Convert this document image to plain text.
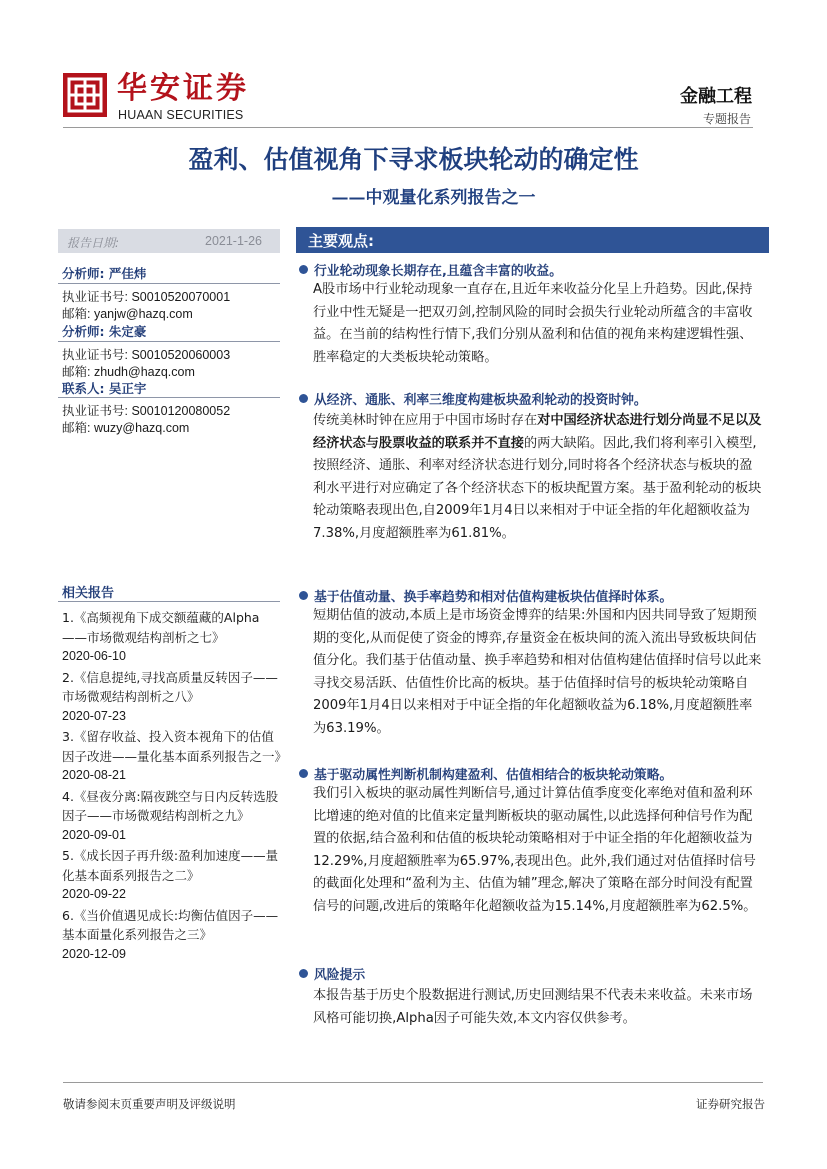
华安证券
HUAAN SECURITIES
金融工程
专题报告
盈利、估值视角下寻求板块轮动的确定性
——中观量化系列报告之一
报告日期:	2021-1-26
分析师: 严佳炜
执业证书号: S0010520070001
邮箱: yanjw@hazq.com
分析师: 朱定豪
执业证书号: S0010520060003
邮箱: zhudh@hazq.com
联系人: 吴正宇
执业证书号: S0010120080052
邮箱: wuzy@hazq.com
相关报告
1.《高频视角下成交额蕴藏的Alpha——市场微观结构剖析之七》
2020-06-10
2.《信息提纯,寻找高质量反转因子——市场微观结构剖析之八》
2020-07-23
3.《留存收益、投入资本视角下的估值因子改进——量化基本面系列报告之一》
2020-08-21
4.《昼夜分离:隔夜跳空与日内反转选股因子——市场微观结构剖析之九》
2020-09-01
5.《成长因子再升级:盈利加速度——量化基本面系列报告之二》
2020-09-22
6.《当价值遇见成长:均衡估值因子——基本面量化系列报告之三》
2020-12-09
主要观点:
行业轮动现象长期存在,且蕴含丰富的收益。
A股市场中行业轮动现象一直存在,且近年来收益分化呈上升趋势。因此,保持行业中性无疑是一把双刃剑,控制风险的同时会损失行业轮动所蕴含的丰富收益。在当前的结构性行情下,我们分别从盈利和估值的视角来构建逻辑性强、胜率稳定的大类板块轮动策略。
从经济、通胀、利率三维度构建板块盈利轮动的投资时钟。
传统美林时钟在应用于中国市场时存在对中国经济状态进行划分尚显不足以及经济状态与股票收益的联系并不直接的两大缺陷。因此,我们将利率引入模型,按照经济、通胀、利率对经济状态进行划分,同时将各个经济状态与板块的盈利水平进行对应确定了各个经济状态下的板块配置方案。基于盈利轮动的板块轮动策略表现出色,自2009年1月4日以来相对于中证全指的年化超额收益为7.38%,月度超额胜率为61.81%。
基于估值动量、换手率趋势和相对估值构建板块估值择时体系。
短期估值的波动,本质上是市场资金博弈的结果:外国和内因共同导致了短期预期的变化,从而促使了资金的博弈,存量资金在板块间的流入流出导致板块间估值分化。我们基于估值动量、换手率趋势和相对估值构建估值择时信号以此来寻找交易活跃、估值性价比高的板块。基于估值择时信号的板块轮动策略自2009年1月4日以来相对于中证全指的年化超额收益为6.18%,月度超额胜率为63.19%。
基于驱动属性判断机制构建盈利、估值相结合的板块轮动策略。
我们引入板块的驱动属性判断信号,通过计算估值季度变化率绝对值和盈利环比增速的绝对值的比值来定量判断板块的驱动属性,以此选择何种信号作为配置的依据,结合盈利和估值的板块轮动策略相对于中证全指的年化超额收益为12.29%,月度超额胜率为65.97%,表现出色。此外,我们通过对估值择时信号的截面化处理和“盈利为主、估值为辅”理念,解决了策略在部分时间没有配置信号的问题,改进后的策略年化超额收益为15.14%,月度超额胜率为62.5%。
风险提示
本报告基于历史个股数据进行测试,历史回测结果不代表未来收益。未来市场风格可能切换,Alpha因子可能失效,本文内容仅供参考。
敬请参阅末页重要声明及评级说明	证券研究报告
